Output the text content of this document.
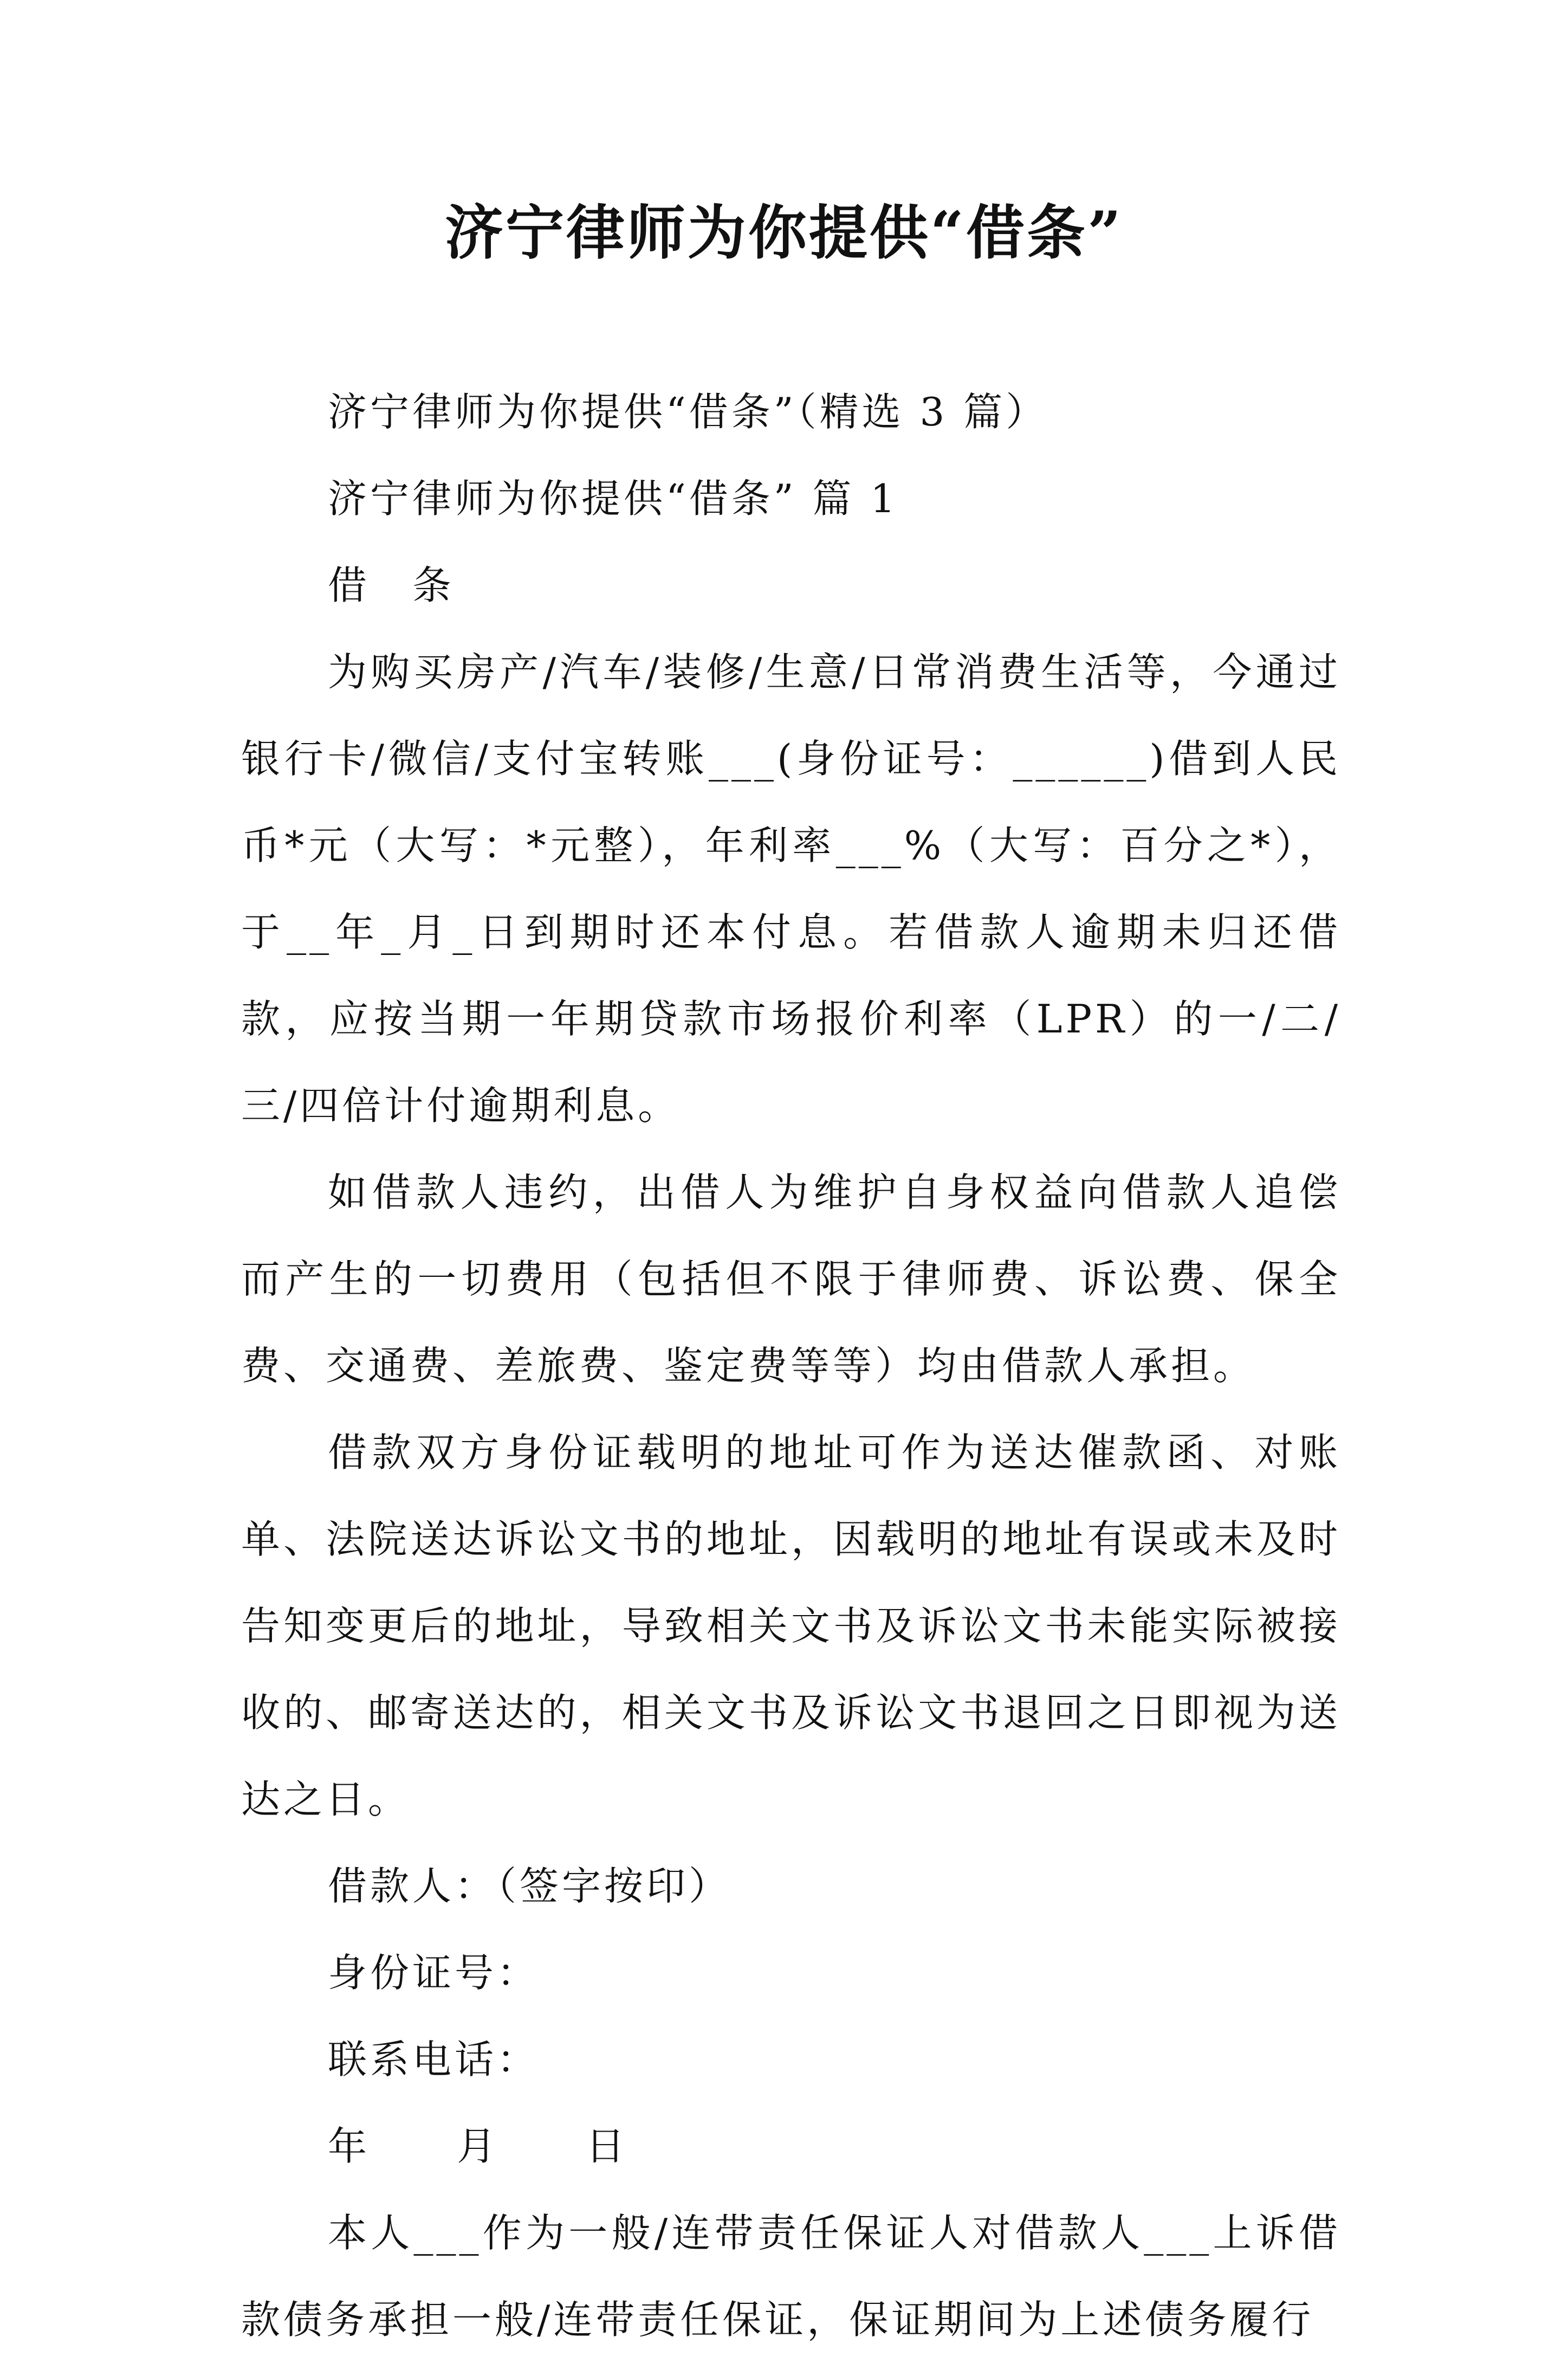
济宁律师为你提供“借条”

济宁律师为你提供“借条”（精选 3 篇）

济宁律师为你提供“借条” 篇 1

借　条

为购买房产/汽车/装修/生意/日常消费生活等，今通过银行卡/微信/支付宝转账___(身份证号：______)借到人民币*元（大写：*元整），年利率___%（大写：百分之*），于__年_月_日到期时还本付息。若借款人逾期未归还借款，应按当期一年期贷款市场报价利率（LPR）的一/二/三/四倍计付逾期利息。

如借款人违约，出借人为维护自身权益向借款人追偿而产生的一切费用（包括但不限于律师费、诉讼费、保全费、交通费、差旅费、鉴定费等等）均由借款人承担。

借款双方身份证载明的地址可作为送达催款函、对账单、法院送达诉讼文书的地址，因载明的地址有误或未及时告知变更后的地址，导致相关文书及诉讼文书未能实际被接收的、邮寄送达的，相关文书及诉讼文书退回之日即视为送达之日。

借款人：（签字按印）

身份证号：

联系电话：

年 月 日

本人___作为一般/连带责任保证人对借款人___上诉借款债务承担一般/连带责任保证，保证期间为上述债务履行
